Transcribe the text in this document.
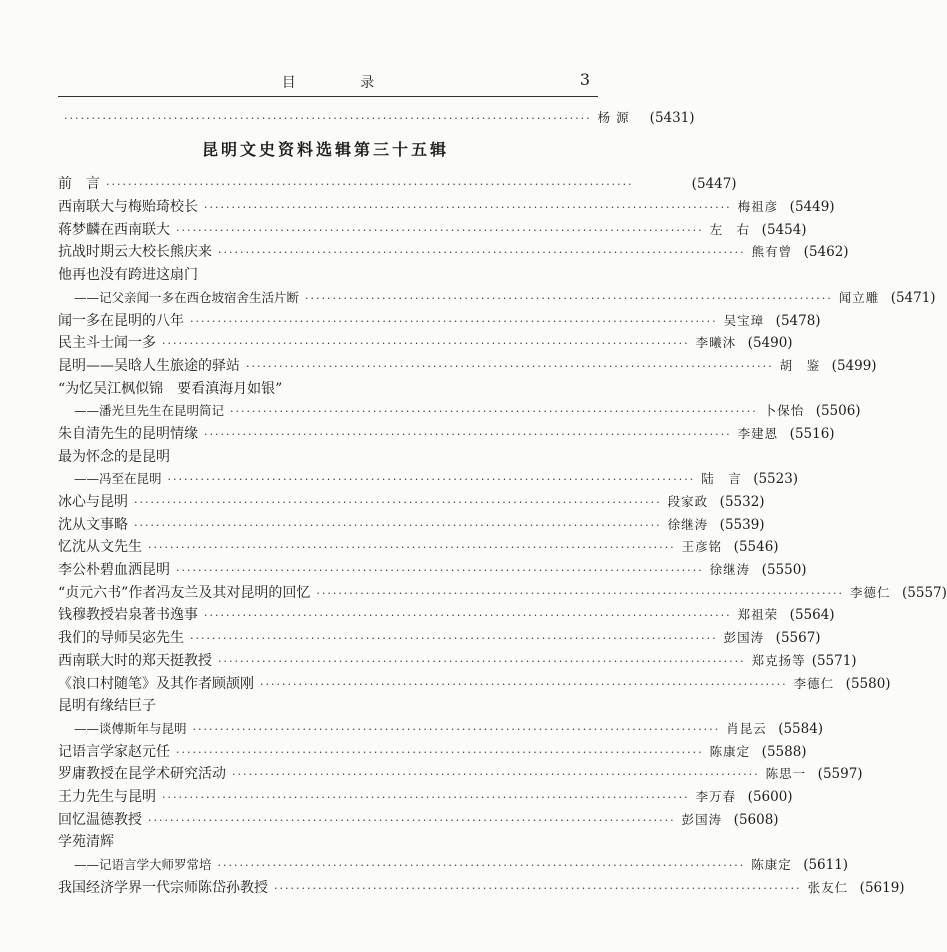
目 录	3
································································································ 杨 源	(5431)
昆明文史资料选辑第三十五辑
前　言 ································································································	(5447)
西南联大与梅贻琦校长 ································································································ 梅祖彦 (5449)
蒋梦麟在西南联大 ································································································ 左　右 (5454)
抗战时期云大校长熊庆来 ································································································ 熊有曾 (5462)
他再也没有跨进这扇门
——记父亲闻一多在西仓坡宿舍生活片断 ································································································ 闻立雕 (5471)
闻一多在昆明的八年 ································································································ 吴宝璋 (5478)
民主斗士闻一多 ································································································ 李曦沐 (5490)
昆明——吴晗人生旅途的驿站 ································································································ 胡　鉴 (5499)
“为忆吴江枫似锦　要看滇海月如银”
——潘光旦先生在昆明简记 ································································································ 卜保怡 (5506)
朱自清先生的昆明情缘 ································································································ 李建恩 (5516)
最为怀念的是昆明
——冯至在昆明 ································································································ 陆　言 (5523)
冰心与昆明 ································································································ 段家政 (5532)
沈从文事略 ································································································ 徐继涛 (5539)
忆沈从文先生 ································································································ 王彦铭 (5546)
李公朴碧血洒昆明 ································································································ 徐继涛 (5550)
“贞元六书”作者冯友兰及其对昆明的回忆 ································································································ 李德仁 (5557)
钱穆教授岩泉著书逸事 ································································································ 郑祖荣 (5564)
我们的导师吴宓先生 ································································································ 彭国涛 (5567)
西南联大时的郑天挺教授 ································································································ 郑克扬等 (5571)
《浪口村随笔》及其作者顾颉刚 ································································································ 李德仁 (5580)
昆明有缘结巨子
——谈傅斯年与昆明 ································································································ 肖昆云 (5584)
记语言学家赵元任 ································································································ 陈康定 (5588)
罗庸教授在昆学术研究活动 ································································································ 陈思一 (5597)
王力先生与昆明 ································································································ 李万春 (5600)
回忆温德教授 ································································································ 彭国涛 (5608)
学苑清辉
——记语言学大师罗常培 ································································································ 陈康定 (5611)
我国经济学界一代宗师陈岱孙教授 ································································································ 张友仁 (5619)
